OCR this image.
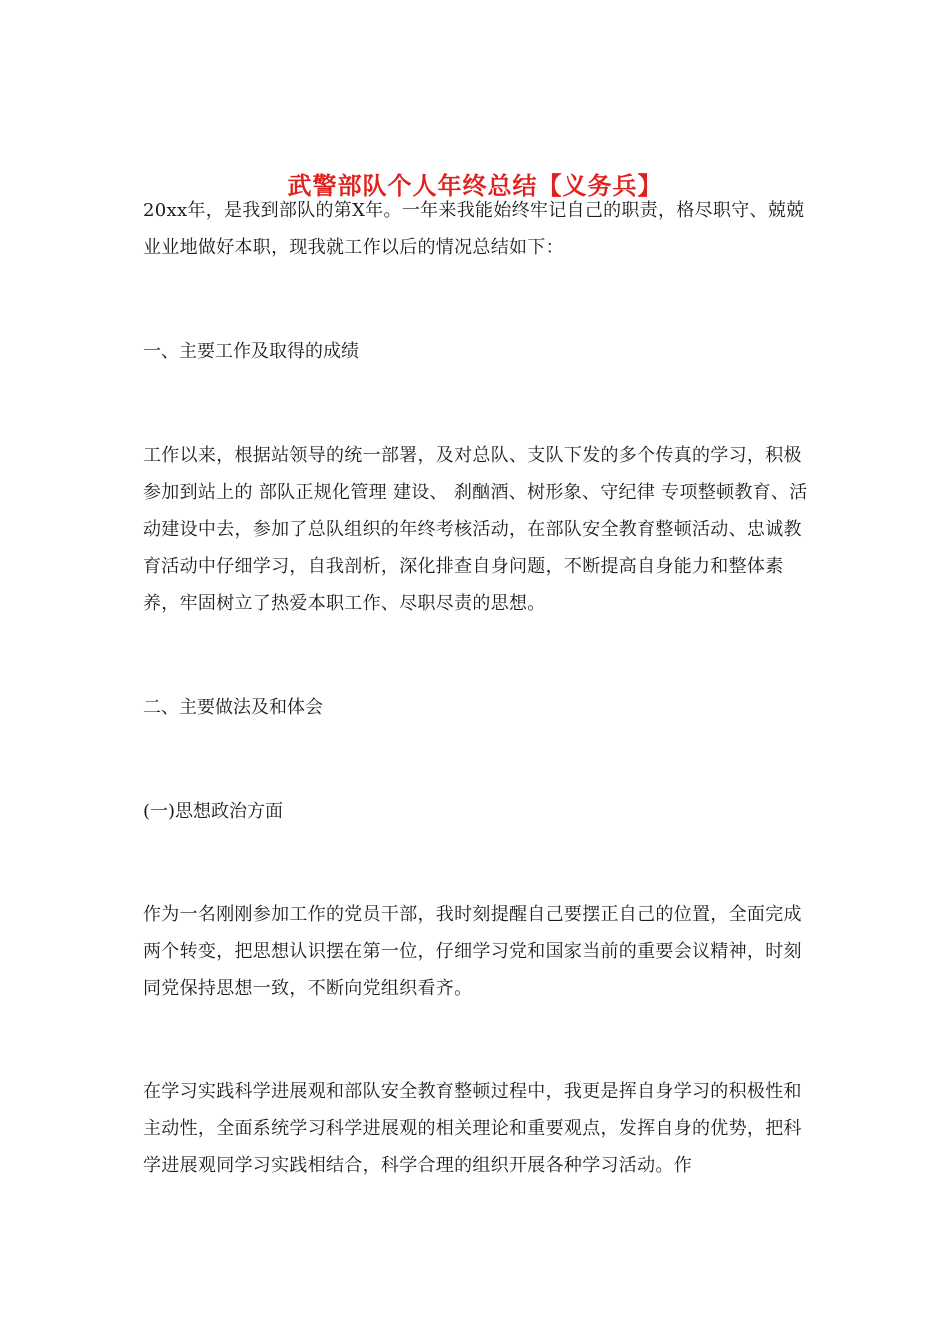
武警部队个人年终总结【义务兵】

20xx年，是我到部队的第X年。一年来我能始终牢记自己的职责，格尽职守、兢兢业业地做好本职，现我就工作以后的情况总结如下：

一、主要工作及取得的成绩

工作以来，根据站领导的统一部署，及对总队、支队下发的多个传真的学习，积极参加到站上的 部队正规化管理 建设、 刹酗酒、树形象、守纪律 专项整顿教育、活动建设中去，参加了总队组织的年终考核活动，在部队安全教育整顿活动、忠诚教育活动中仔细学习，自我剖析，深化排查自身问题，不断提高自身能力和整体素养，牢固树立了热爱本职工作、尽职尽责的思想。

二、主要做法及和体会

(一)思想政治方面

作为一名刚刚参加工作的党员干部，我时刻提醒自己要摆正自己的位置，全面完成两个转变，把思想认识摆在第一位，仔细学习党和国家当前的重要会议精神，时刻同党保持思想一致，不断向党组织看齐。

在学习实践科学进展观和部队安全教育整顿过程中，我更是挥自身学习的积极性和主动性，全面系统学习科学进展观的相关理论和重要观点，发挥自身的优势，把科学进展观同学习实践相结合，科学合理的组织开展各种学习活动。作
